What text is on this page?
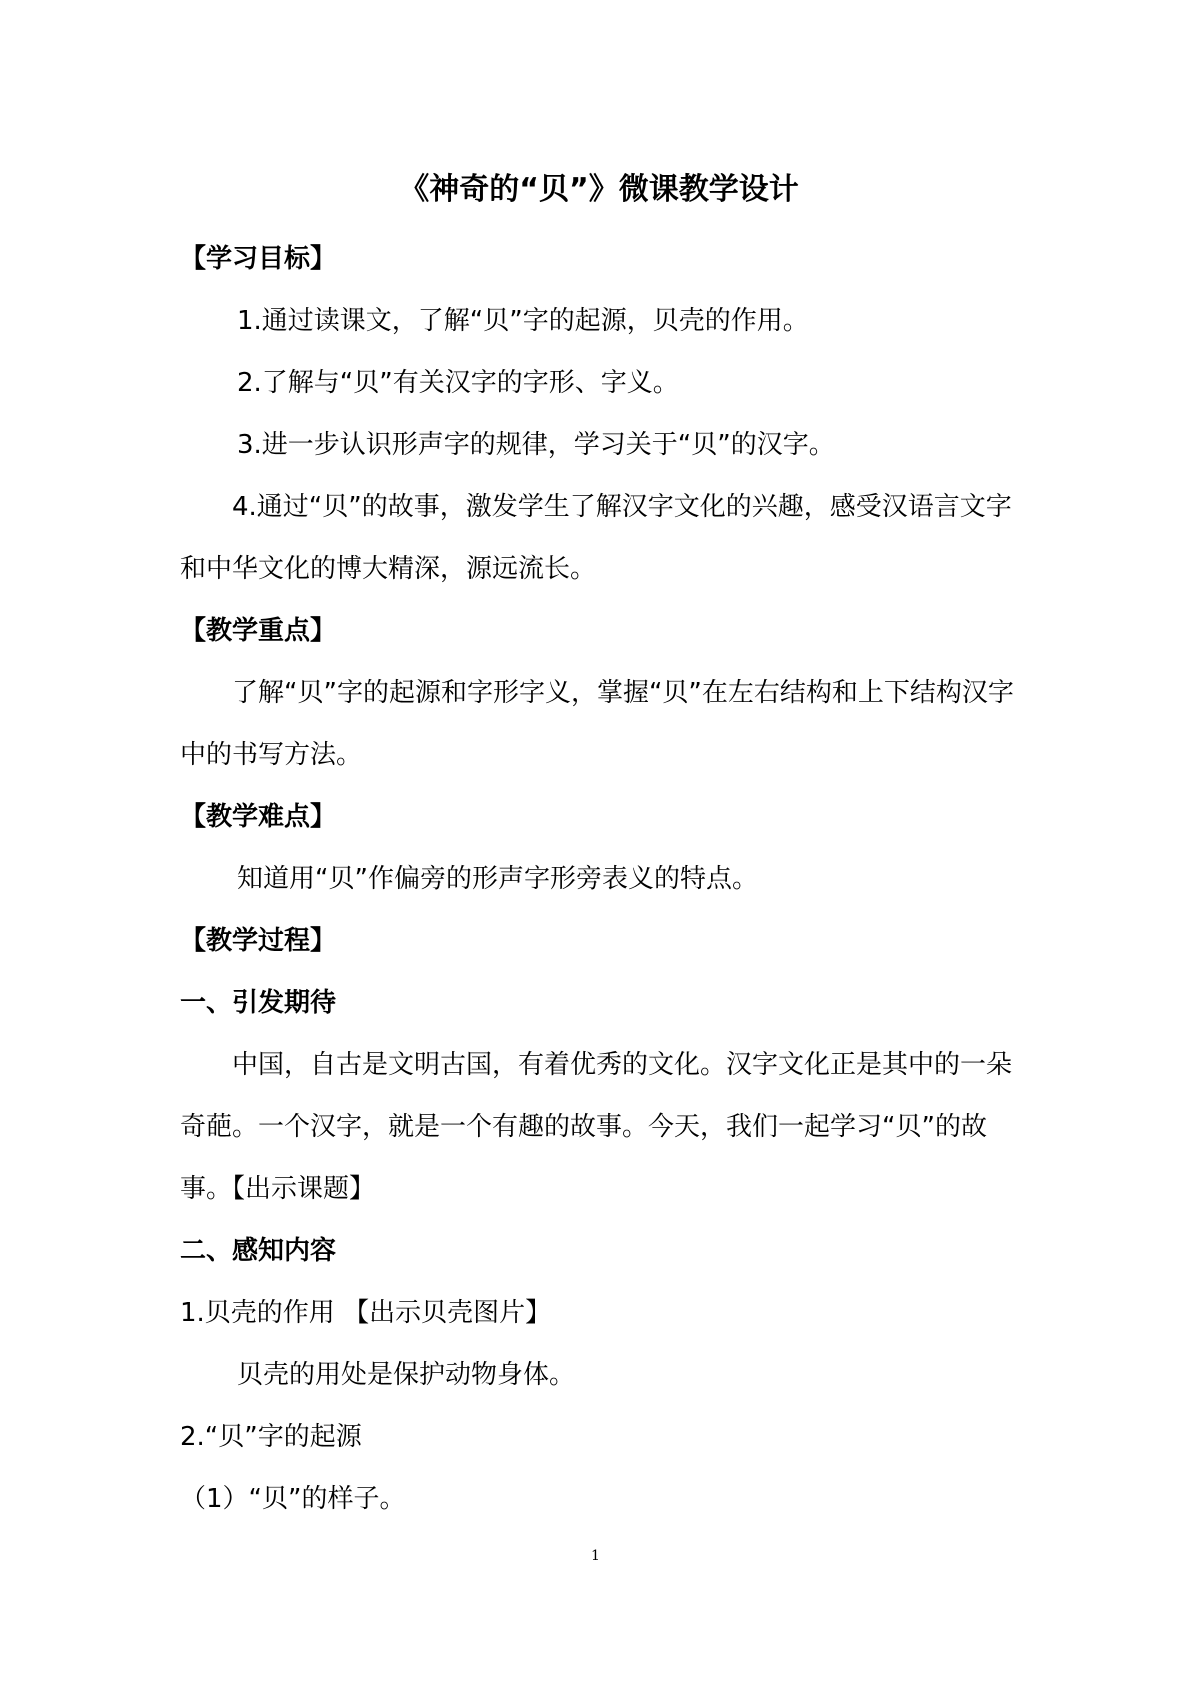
《神奇的“贝”》微课教学设计
【学习目标】
1.通过读课文，了解“贝”字的起源，贝壳的作用。
2.了解与“贝”有关汉字的字形、字义。
3.进一步认识形声字的规律，学习关于“贝”的汉字。
4.通过“贝”的故事，激发学生了解汉字文化的兴趣，感受汉语言文字和中华文化的博大精深，源远流长。
【教学重点】
了解“贝”字的起源和字形字义，掌握“贝”在左右结构和上下结构汉字中的书写方法。
【教学难点】
知道用“贝”作偏旁的形声字形旁表义的特点。
【教学过程】
一、引发期待
中国，自古是文明古国，有着优秀的文化。汉字文化正是其中的一朵奇葩。一个汉字，就是一个有趣的故事。今天，我们一起学习“贝”的故事。【出示课题】
二、感知内容
1.贝壳的作用 【出示贝壳图片】
贝壳的用处是保护动物身体。
2.“贝”字的起源
（1）“贝”的样子。
1
